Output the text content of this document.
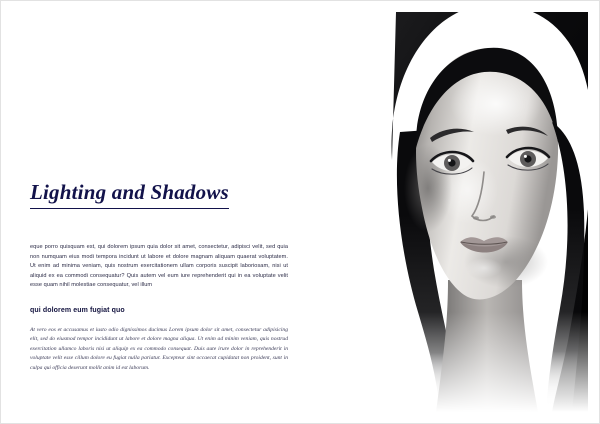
Lighting and Shadows

eque porro quisquam est, qui dolorem ipsum quia dolor sit amet, consectetur, adipisci velit, sed quia non numquam eius modi tempora incidunt ut labore et dolore magnam aliquam quaerat voluptatem. Ut enim ad minima veniam, quis nostrum exercitationem ullam corporis suscipit laboriosam, nisi ut aliquid ex ea commodi consequatur? Quis autem vel eum iure reprehenderit qui in ea voluptate velit esse quam nihil molestiae consequatur, vel illum

qui dolorem eum fugiat quo

At vero eos et accusamus et iusto odio dignissimos ducimus Lorem ipsum dolor sit amet, consectetur adipisicing elit, sed do eiusmod tempor incididunt ut labore et dolore magna aliqua. Ut enim ad minim veniam, quis nostrud exercitation ullamco laboris nisi ut aliquip ex ea commodo consequat. Duis aute irure dolor in reprehenderit in voluptate velit esse cillum dolore eu fugiat nulla pariatur. Excepteur sint occaecat cupidatat non proident, sunt in culpa qui officia deserunt mollit anim id est laborum.
